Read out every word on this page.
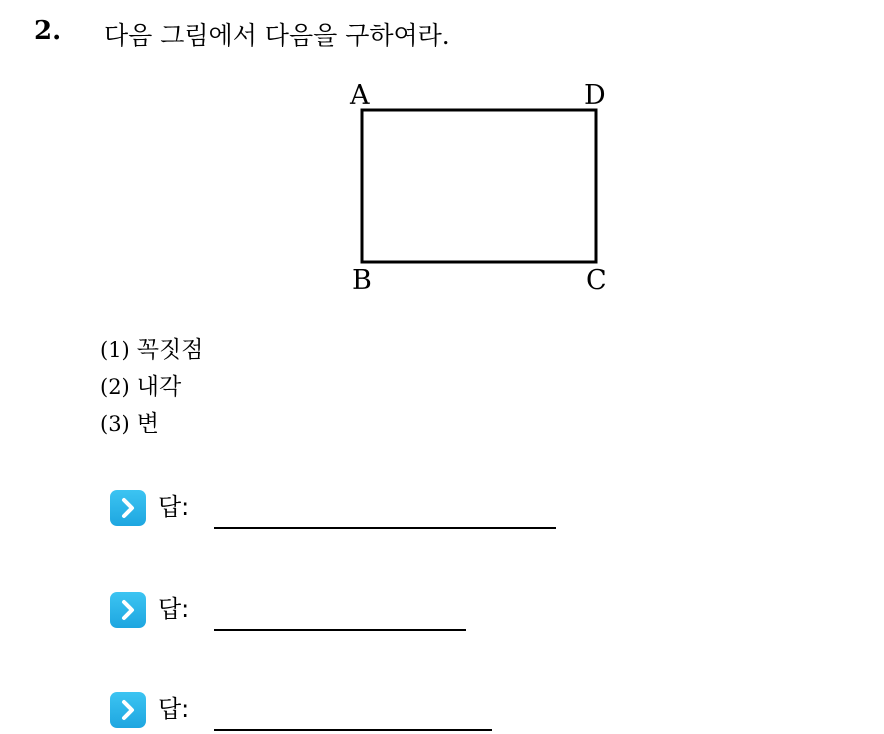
2. 다음 그림에서 다음을 구하여라.
A	D
B	C
(1) 꼭짓점
(2) 내각
(3) 변
답:
답:
답:
